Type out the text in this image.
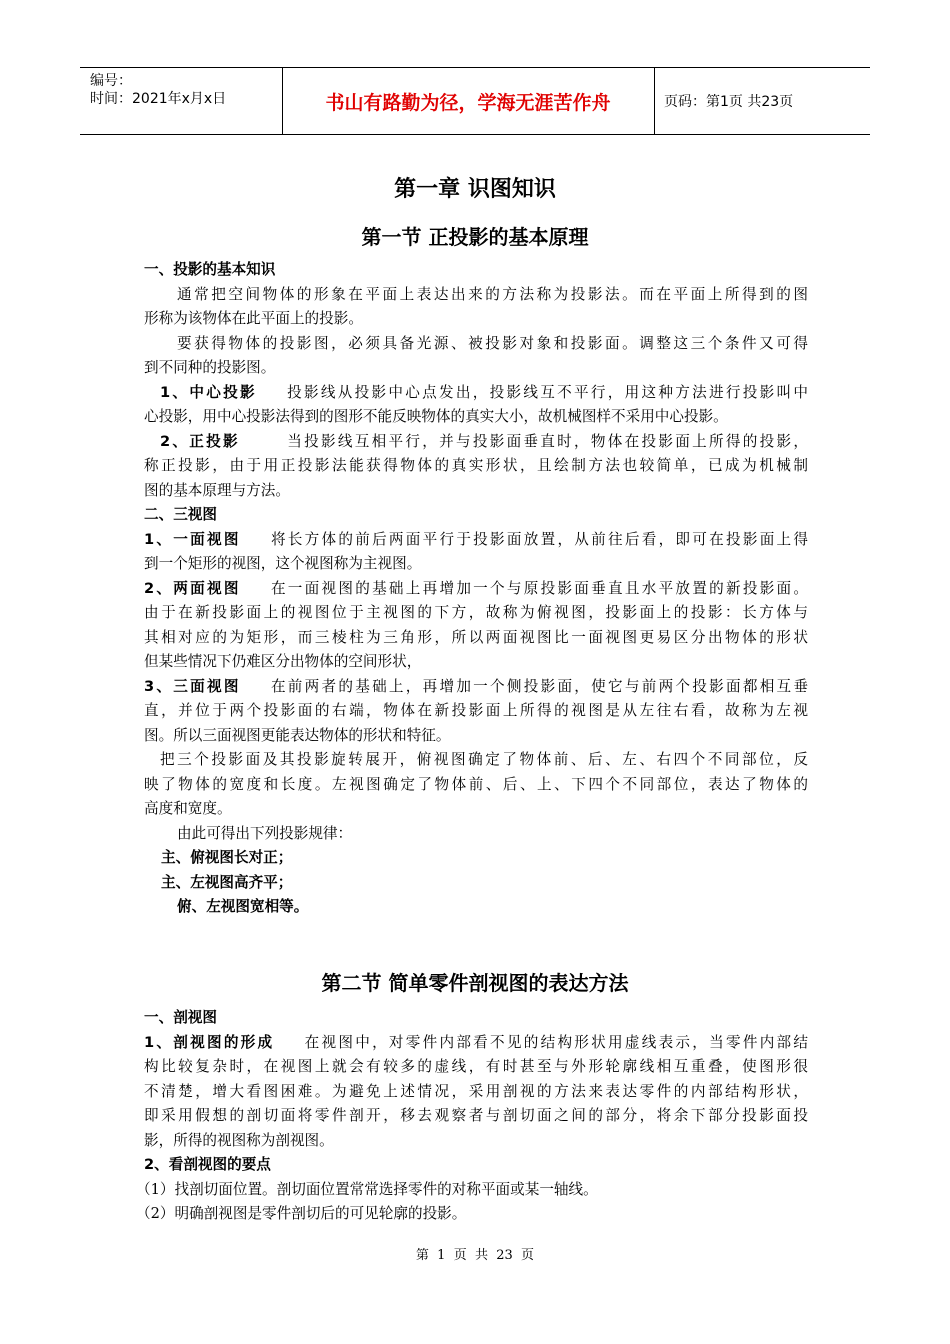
编号：
时间：2021年x月x日	书山有路勤为径，学海无涯苦作舟	页码：第1页 共23页
第一章 识图知识
第一节 正投影的基本原理
一、投影的基本知识
通常把空间物体的形象在平面上表达出来的方法称为投影法。而在平面上所得到的图
形称为该物体在此平面上的投影。
要获得物体的投影图，必须具备光源、被投影对象和投影面。调整这三个条件又可得
到不同种的投影图。
1、中心投影 投影线从投影中心点发出，投影线互不平行，用这种方法进行投影叫中
心投影，用中心投影法得到的图形不能反映物体的真实大小，故机械图样不采用中心投影。
2、正投影	当投影线互相平行，并与投影面垂直时，物体在投影面上所得的投影，
称正投影，由于用正投影法能获得物体的真实形状，且绘制方法也较简单，已成为机械制
图的基本原理与方法。
二、三视图
1、一面视图 将长方体的前后两面平行于投影面放置，从前往后看，即可在投影面上得
到一个矩形的视图，这个视图称为主视图。
2、两面视图 在一面视图的基础上再增加一个与原投影面垂直且水平放置的新投影面。
由于在新投影面上的视图位于主视图的下方，故称为俯视图，投影面上的投影：长方体与
其相对应的为矩形，而三棱柱为三角形，所以两面视图比一面视图更易区分出物体的形状
但某些情况下仍难区分出物体的空间形状，
3、三面视图 在前两者的基础上，再增加一个侧投影面，使它与前两个投影面都相互垂
直，并位于两个投影面的右端，物体在新投影面上所得的视图是从左往右看，故称为左视
图。所以三面视图更能表达物体的形状和特征。
把三个投影面及其投影旋转展开，俯视图确定了物体前、后、左、右四个不同部位，反
映了物体的宽度和长度。左视图确定了物体前、后、上、下四个不同部位，表达了物体的
高度和宽度。
由此可得出下列投影规律：
主、俯视图长对正；
主、左视图高齐平；
俯、左视图宽相等。
第二节 简单零件剖视图的表达方法
一、剖视图
1、剖视图的形成 在视图中，对零件内部看不见的结构形状用虚线表示，当零件内部结
构比较复杂时，在视图上就会有较多的虚线，有时甚至与外形轮廓线相互重叠，使图形很
不清楚，增大看图困难。为避免上述情况，采用剖视的方法来表达零件的内部结构形状，
即采用假想的剖切面将零件剖开，移去观察者与剖切面之间的部分，将余下部分投影面投
影，所得的视图称为剖视图。
2、看剖视图的要点
（1）找剖切面位置。剖切面位置常常选择零件的对称平面或某一轴线。
（2）明确剖视图是零件剖切后的可见轮廓的投影。
第  1  页  共  23  页
